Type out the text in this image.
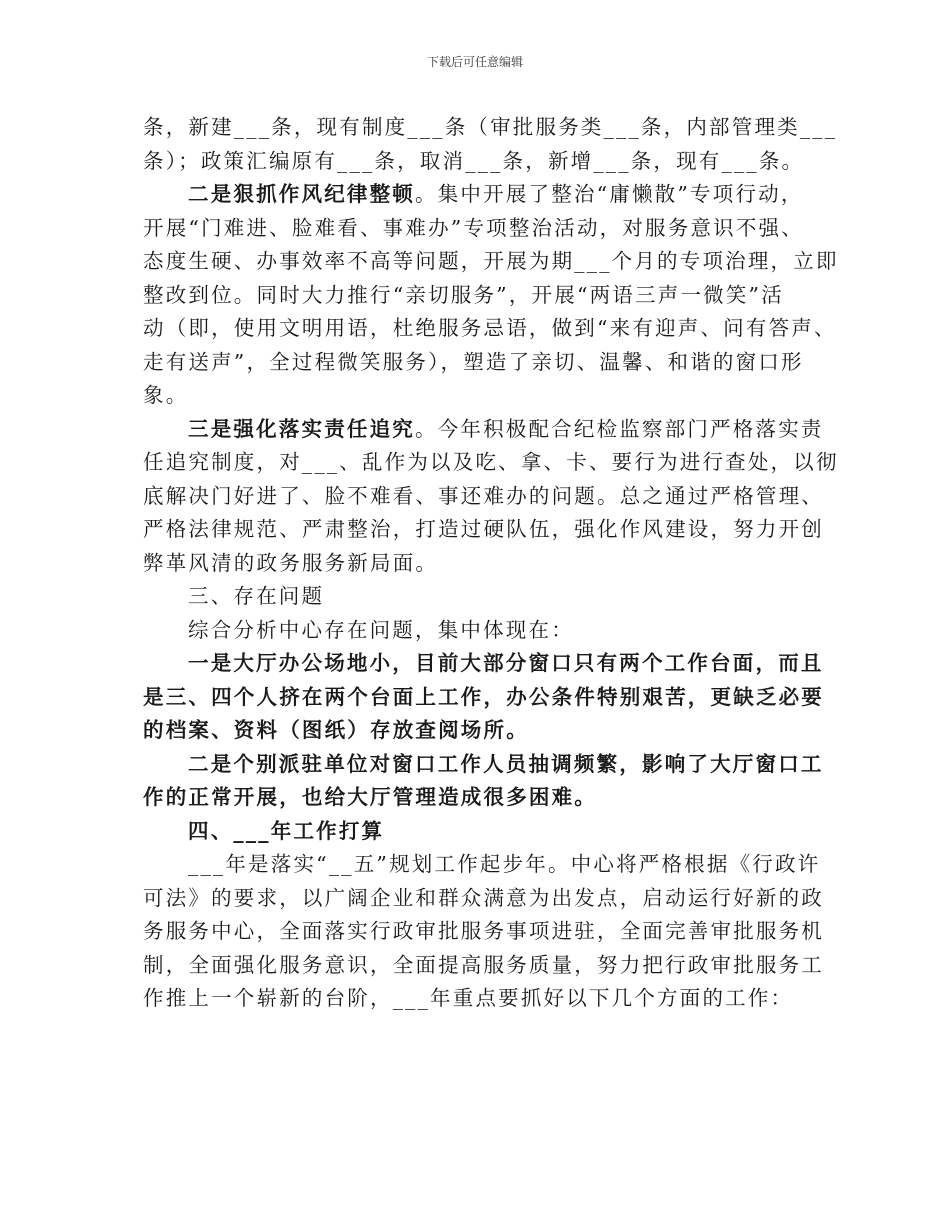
下载后可任意编辑
条，新建___条，现有制度___条（审批服务类___条，内部管理类___
条）；政策汇编原有___条，取消___条，新增___条，现有___条。
二是狠抓作风纪律整顿。集中开展了整治“庸懒散”专项行动，
开展“门难进、脸难看、事难办”专项整治活动，对服务意识不强、
态度生硬、办事效率不高等问题，开展为期___个月的专项治理，立即
整改到位。同时大力推行“亲切服务”，开展“两语三声一微笑”活
动（即，使用文明用语，杜绝服务忌语，做到“来有迎声、问有答声、
走有送声”，全过程微笑服务），塑造了亲切、温馨、和谐的窗口形
象。
三是强化落实责任追究。今年积极配合纪检监察部门严格落实责
任追究制度，对___、乱作为以及吃、拿、卡、要行为进行查处，以彻
底解决门好进了、脸不难看、事还难办的问题。总之通过严格管理、
严格法律规范、严肃整治，打造过硬队伍，强化作风建设，努力开创
弊革风清的政务服务新局面。
三、存在问题
综合分析中心存在问题，集中体现在：
一是大厅办公场地小，目前大部分窗口只有两个工作台面，而且
是三、四个人挤在两个台面上工作，办公条件特别艰苦，更缺乏必要
的档案、资料（图纸）存放查阅场所。
二是个别派驻单位对窗口工作人员抽调频繁，影响了大厅窗口工
作的正常开展，也给大厅管理造成很多困难。
四、___年工作打算
___年是落实“__五”规划工作起步年。中心将严格根据《行政许
可法》的要求，以广阔企业和群众满意为出发点，启动运行好新的政
务服务中心，全面落实行政审批服务事项进驻，全面完善审批服务机
制，全面强化服务意识，全面提高服务质量，努力把行政审批服务工
作推上一个崭新的台阶，___年重点要抓好以下几个方面的工作：
